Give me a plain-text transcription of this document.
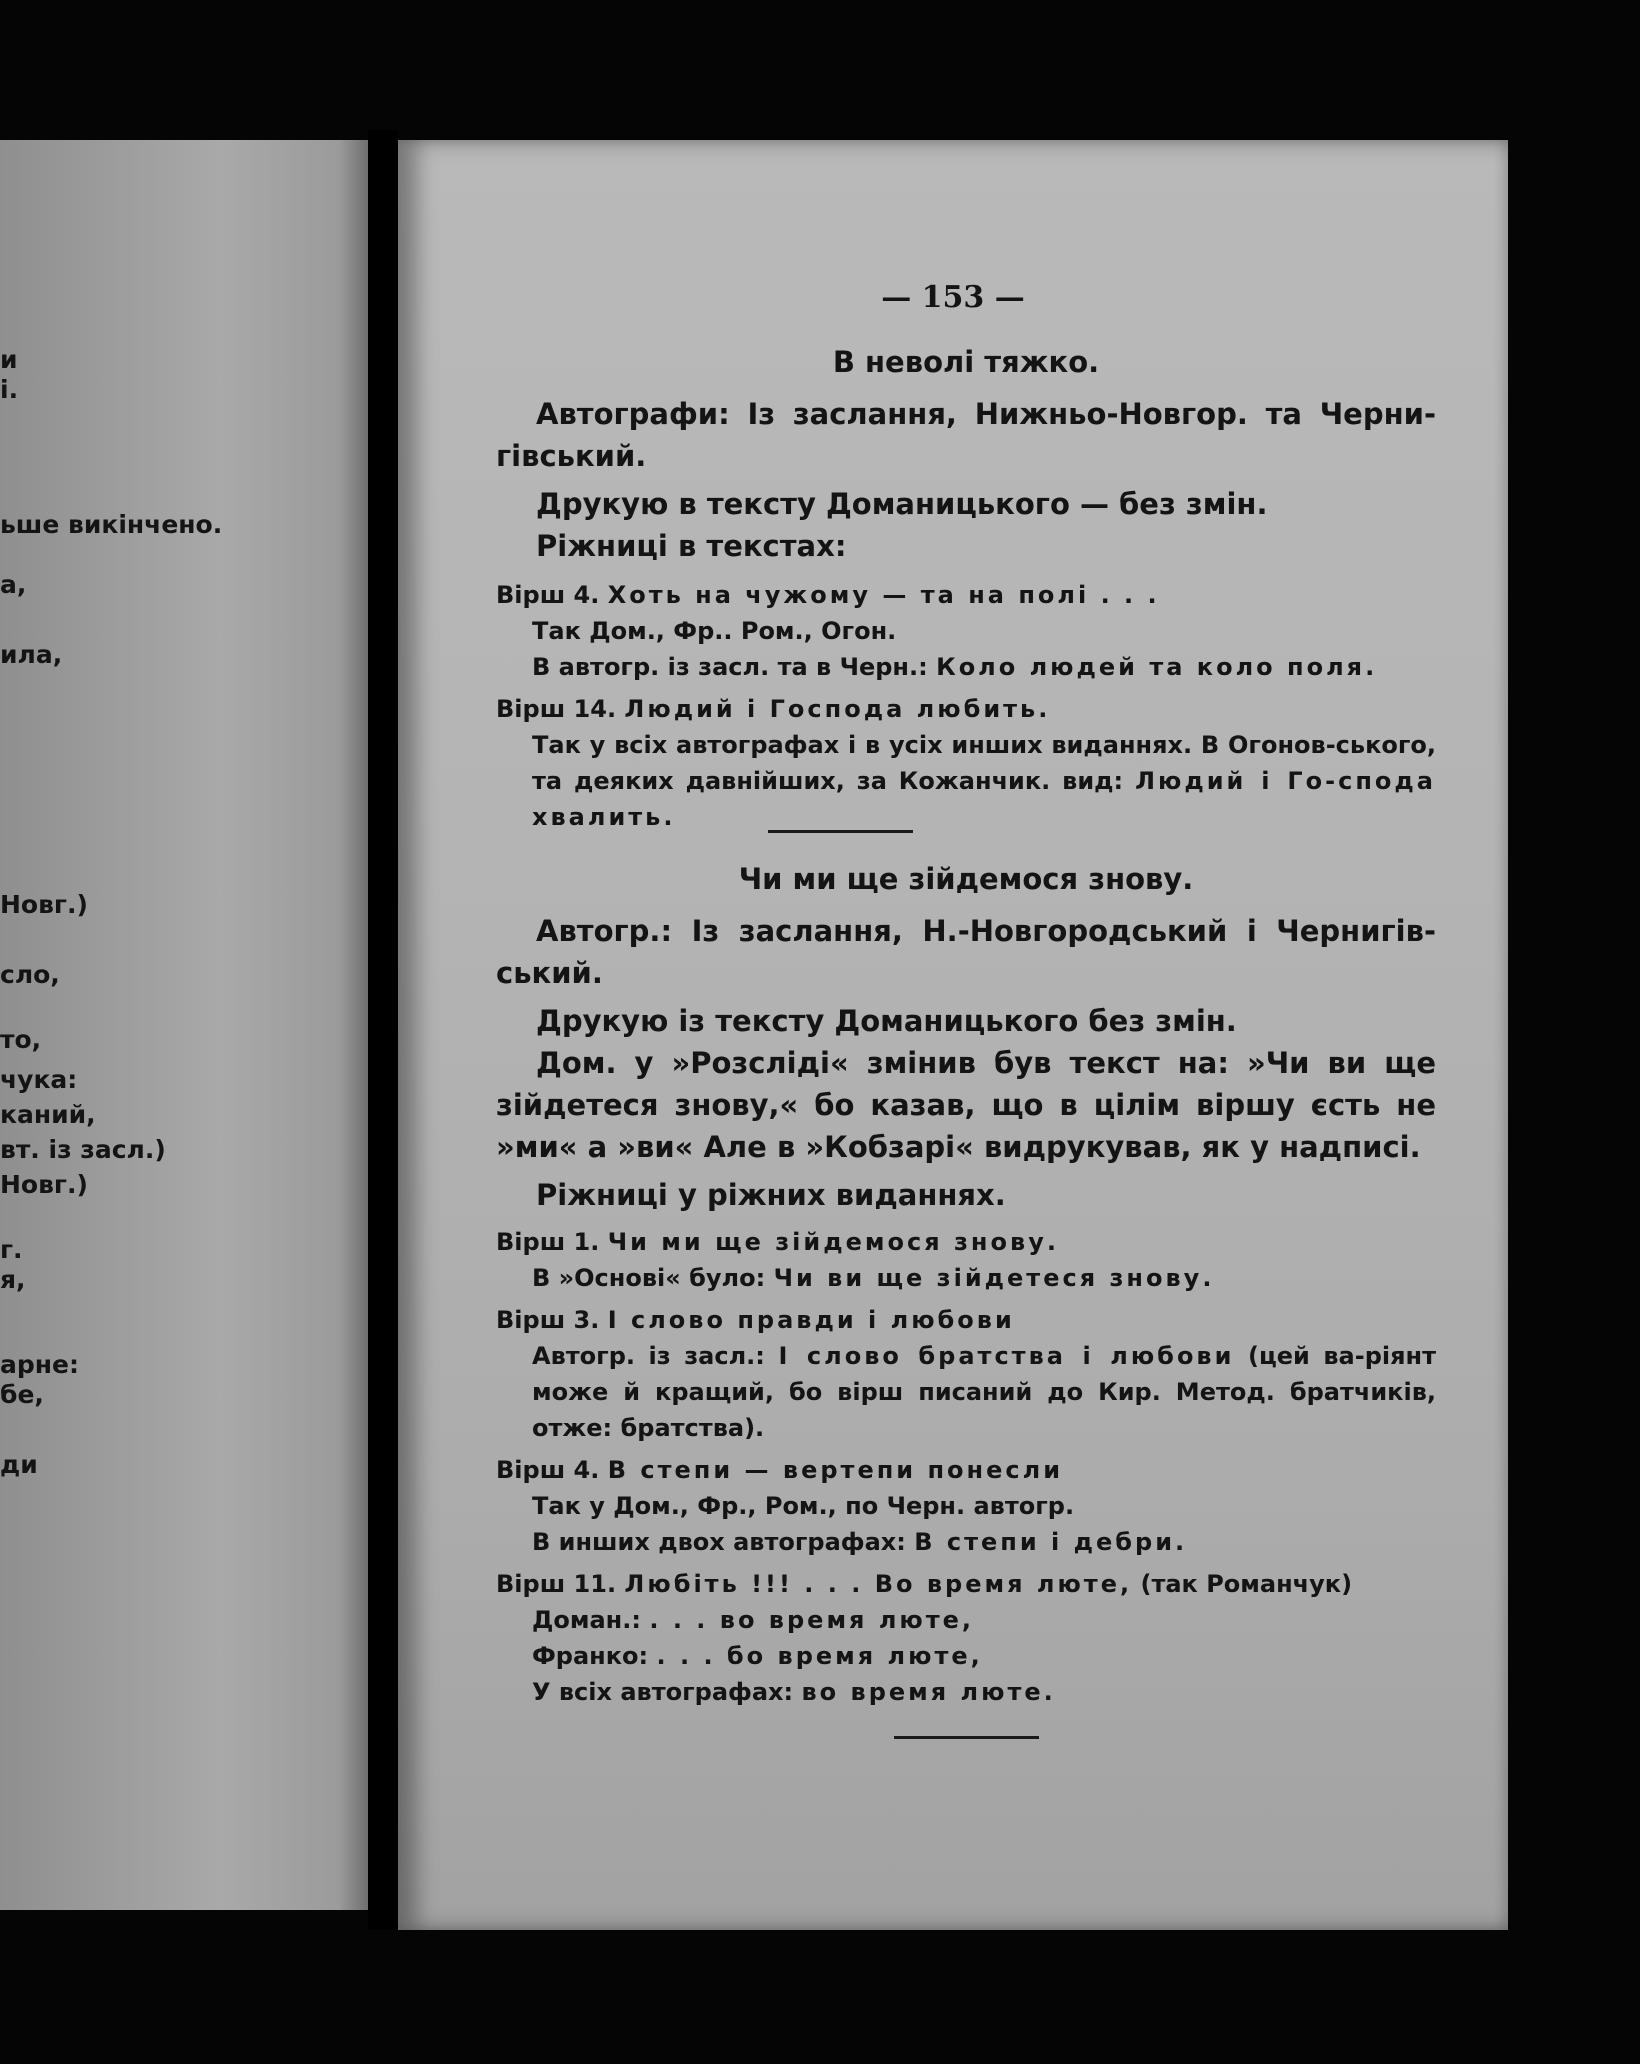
и
і.
ьше викінчено.
а,
ила,
Новг.)
сло,
то,
чука:
каний,
вт. із засл.)
Новг.)
г.
я,
арне:
бе,
ди
— 153 —
В неволі тяжко.

Автографи: Із заслання, Нижньо-Новгор. та Черни-гівський.

Друкую в тексту Доманицького — без змін.

Ріжниці в текстах:

Вірш 4. Хоть на чужому — та на полі . . .
Так Дом., Фр.. Ром., Огон.
В автогр. із засл. та в Черн.: Коло людей та коло поля.
Вірш 14. Людий і Господа любить.
Так у всіх автографах і в усіх инших виданнях. В Огонов-ського, та деяких давнійших, за Кожанчик. вид: Людий і Го-спода хвалить.
Чи ми ще зійдемося знову.

Автогр.: Із заслання, Н.-Новгородський і Чернигів-ський.

Друкую із тексту Доманицького без змін.

Дом. у »Розсліді« змінив був текст на: »Чи ви ще зійдетеся знову,« бо казав, що в цілім віршу єсть не »ми« а »ви« Але в »Кобзарі« видрукував, як у надписі.

Ріжниці у ріжних виданнях.

Вірш 1. Чи ми ще зійдемося знову.
В »Основі« було: Чи ви ще зійдетеся знову.
Вірш 3. І слово правди і любови
Автогр. із засл.: І слово братства і любови (цей ва-ріянт може й кращий, бо вірш писаний до Кир. Метод. братчиків, отже: братства).
Вірш 4. В степи — вертепи понесли
Так у Дом., Фр., Ром., по Черн. автогр.
В инших двох автографах: В степи і дебри.
Вірш 11. Любіть !!! . . . Во время люте, (так Романчук)
Доман.: . . . во время люте,
Франко: . . . бо время люте,
У всіх автографах: во время люте.
